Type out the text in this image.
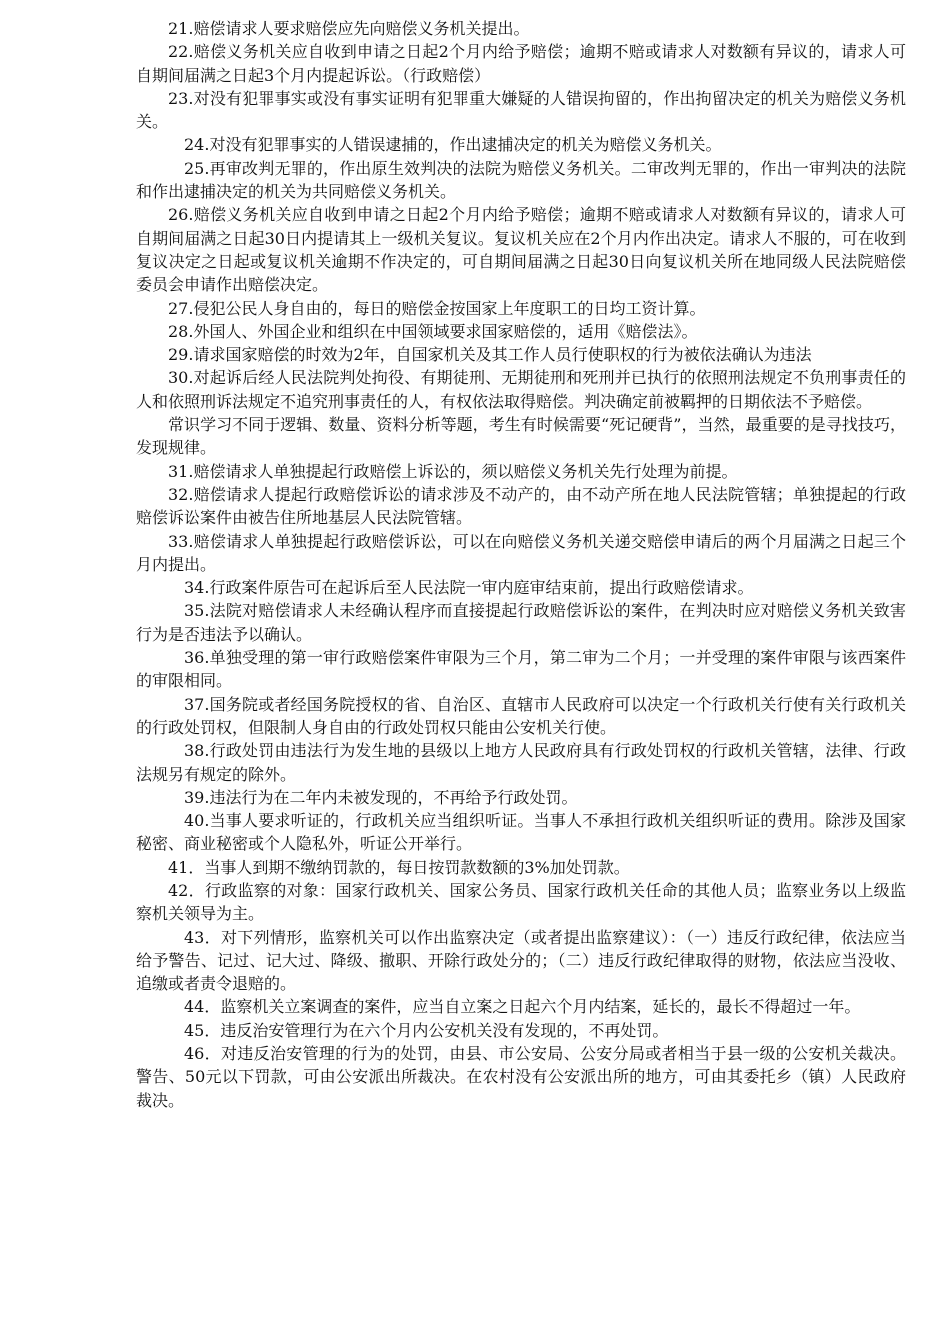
21.赔偿请求人要求赔偿应先向赔偿义务机关提出。

22.赔偿义务机关应自收到申请之日起2个月内给予赔偿；逾期不赔或请求人对数额有异议的，请求人可自期间届满之日起3个月内提起诉讼。（行政赔偿）

23.对没有犯罪事实或没有事实证明有犯罪重大嫌疑的人错误拘留的，作出拘留决定的机关为赔偿义务机关。

24.对没有犯罪事实的人错误逮捕的，作出逮捕决定的机关为赔偿义务机关。

25.再审改判无罪的，作出原生效判决的法院为赔偿义务机关。二审改判无罪的，作出一审判决的法院和作出逮捕决定的机关为共同赔偿义务机关。

26.赔偿义务机关应自收到申请之日起2个月内给予赔偿；逾期不赔或请求人对数额有异议的，请求人可自期间届满之日起30日内提请其上一级机关复议。复议机关应在2个月内作出决定。请求人不服的，可在收到复议决定之日起或复议机关逾期不作决定的，可自期间届满之日起30日向复议机关所在地同级人民法院赔偿委员会申请作出赔偿决定。

27.侵犯公民人身自由的，每日的赔偿金按国家上年度职工的日均工资计算。

28.外国人、外国企业和组织在中国领域要求国家赔偿的，适用《赔偿法》。

29.请求国家赔偿的时效为2年，自国家机关及其工作人员行使职权的行为被依法确认为违法

30.对起诉后经人民法院判处拘役、有期徒刑、无期徒刑和死刑并已执行的依照刑法规定不负刑事责任的人和依照刑诉法规定不追究刑事责任的人，有权依法取得赔偿。判决确定前被羁押的日期依法不予赔偿。

常识学习不同于逻辑、数量、资料分析等题，考生有时候需要“死记硬背”，当然，最重要的是寻找技巧，发现规律。

31.赔偿请求人单独提起行政赔偿上诉讼的，须以赔偿义务机关先行处理为前提。

32.赔偿请求人提起行政赔偿诉讼的请求涉及不动产的，由不动产所在地人民法院管辖；单独提起的行政赔偿诉讼案件由被告住所地基层人民法院管辖。

33.赔偿请求人单独提起行政赔偿诉讼，可以在向赔偿义务机关递交赔偿申请后的两个月届满之日起三个月内提出。

34.行政案件原告可在起诉后至人民法院一审内庭审结束前，提出行政赔偿请求。

35.法院对赔偿请求人未经确认程序而直接提起行政赔偿诉讼的案件，在判决时应对赔偿义务机关致害行为是否违法予以确认。

36.单独受理的第一审行政赔偿案件审限为三个月，第二审为二个月；一并受理的案件审限与该西案件的审限相同。

37.国务院或者经国务院授权的省、自治区、直辖市人民政府可以决定一个行政机关行使有关行政机关的行政处罚权，但限制人身自由的行政处罚权只能由公安机关行使。

38.行政处罚由违法行为发生地的县级以上地方人民政府具有行政处罚权的行政机关管辖，法律、行政法规另有规定的除外。

39.违法行为在二年内未被发现的，不再给予行政处罚。

40.当事人要求听证的，行政机关应当组织听证。当事人不承担行政机关组织听证的费用。除涉及国家秘密、商业秘密或个人隐私外，听证公开举行。

41．当事人到期不缴纳罚款的，每日按罚款数额的3%加处罚款。

42．行政监察的对象：国家行政机关、国家公务员、国家行政机关任命的其他人员；监察业务以上级监察机关领导为主。

43．对下列情形，监察机关可以作出监察决定（或者提出监察建议）：（一）违反行政纪律，依法应当给予警告、记过、记大过、降级、撤职、开除行政处分的；（二）违反行政纪律取得的财物，依法应当没收、追缴或者责令退赔的。

44．监察机关立案调查的案件，应当自立案之日起六个月内结案，延长的，最长不得超过一年。

45．违反治安管理行为在六个月内公安机关没有发现的，不再处罚。

46．对违反治安管理的行为的处罚，由县、市公安局、公安分局或者相当于县一级的公安机关裁决。警告、50元以下罚款，可由公安派出所裁决。在农村没有公安派出所的地方，可由其委托乡（镇）人民政府裁决。
